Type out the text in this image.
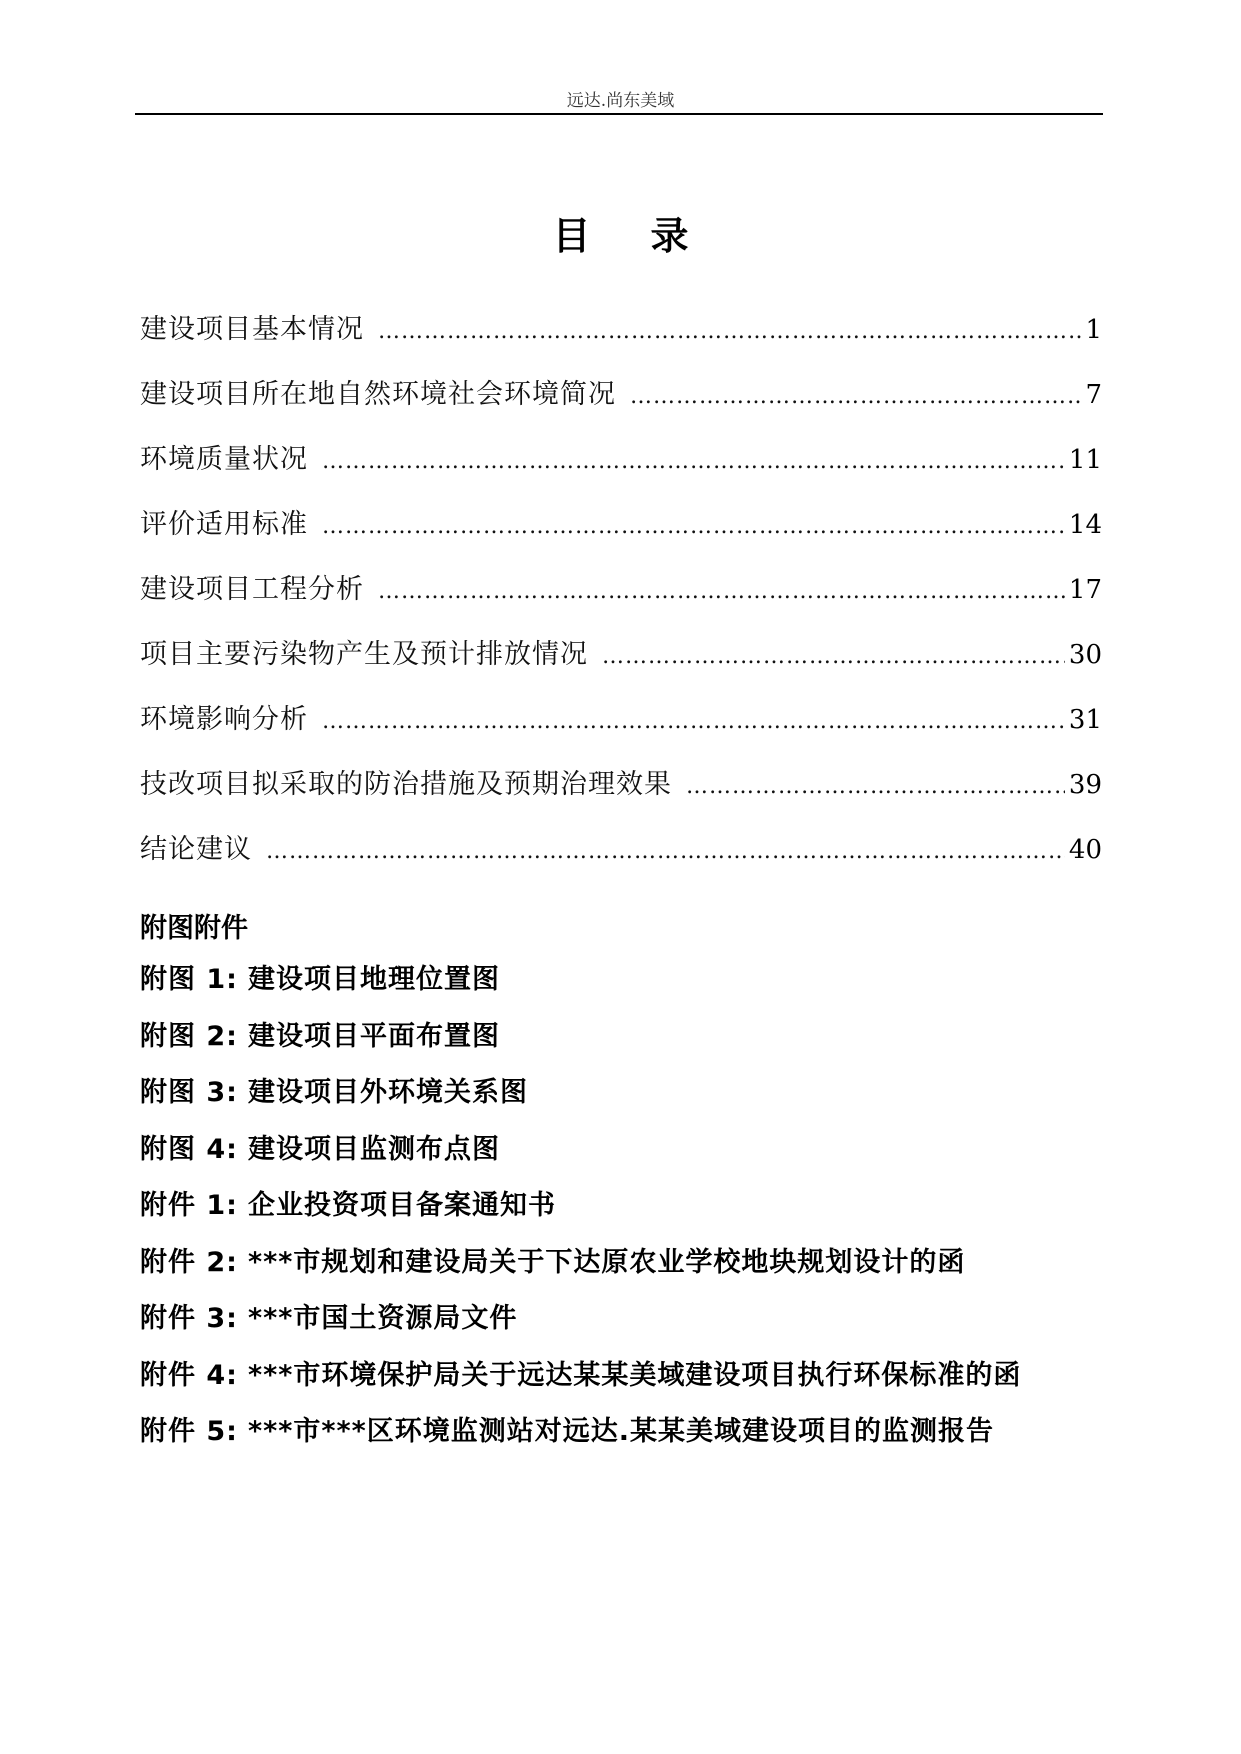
远达.尚东美域
目录
建设项目基本情况 …………………………………………………………………………………………………………………………………………………	1
建设项目所在地自然环境社会环境简况 …………………………………………………………………………………………………………………………………………………	7
环境质量状况 …………………………………………………………………………………………………………………………………………………	11
评价适用标准 …………………………………………………………………………………………………………………………………………………	14
建设项目工程分析 …………………………………………………………………………………………………………………………………………………	17
项目主要污染物产生及预计排放情况 …………………………………………………………………………………………………………………………………………………	30
环境影响分析 …………………………………………………………………………………………………………………………………………………	31
技改项目拟采取的防治措施及预期治理效果 …………………………………………………………………………………………………………………………………………………	39
结论建议 …………………………………………………………………………………………………………………………………………………	40
附图附件
附图 1: 建设项目地理位置图
附图 2: 建设项目平面布置图
附图 3: 建设项目外环境关系图
附图 4: 建设项目监测布点图
附件 1: 企业投资项目备案通知书
附件 2: ***市规划和建设局关于下达原农业学校地块规划设计的函
附件 3: ***市国土资源局文件
附件 4: ***市环境保护局关于远达某某美域建设项目执行环保标准的函
附件 5: ***市***区环境监测站对远达.某某美域建设项目的监测报告
